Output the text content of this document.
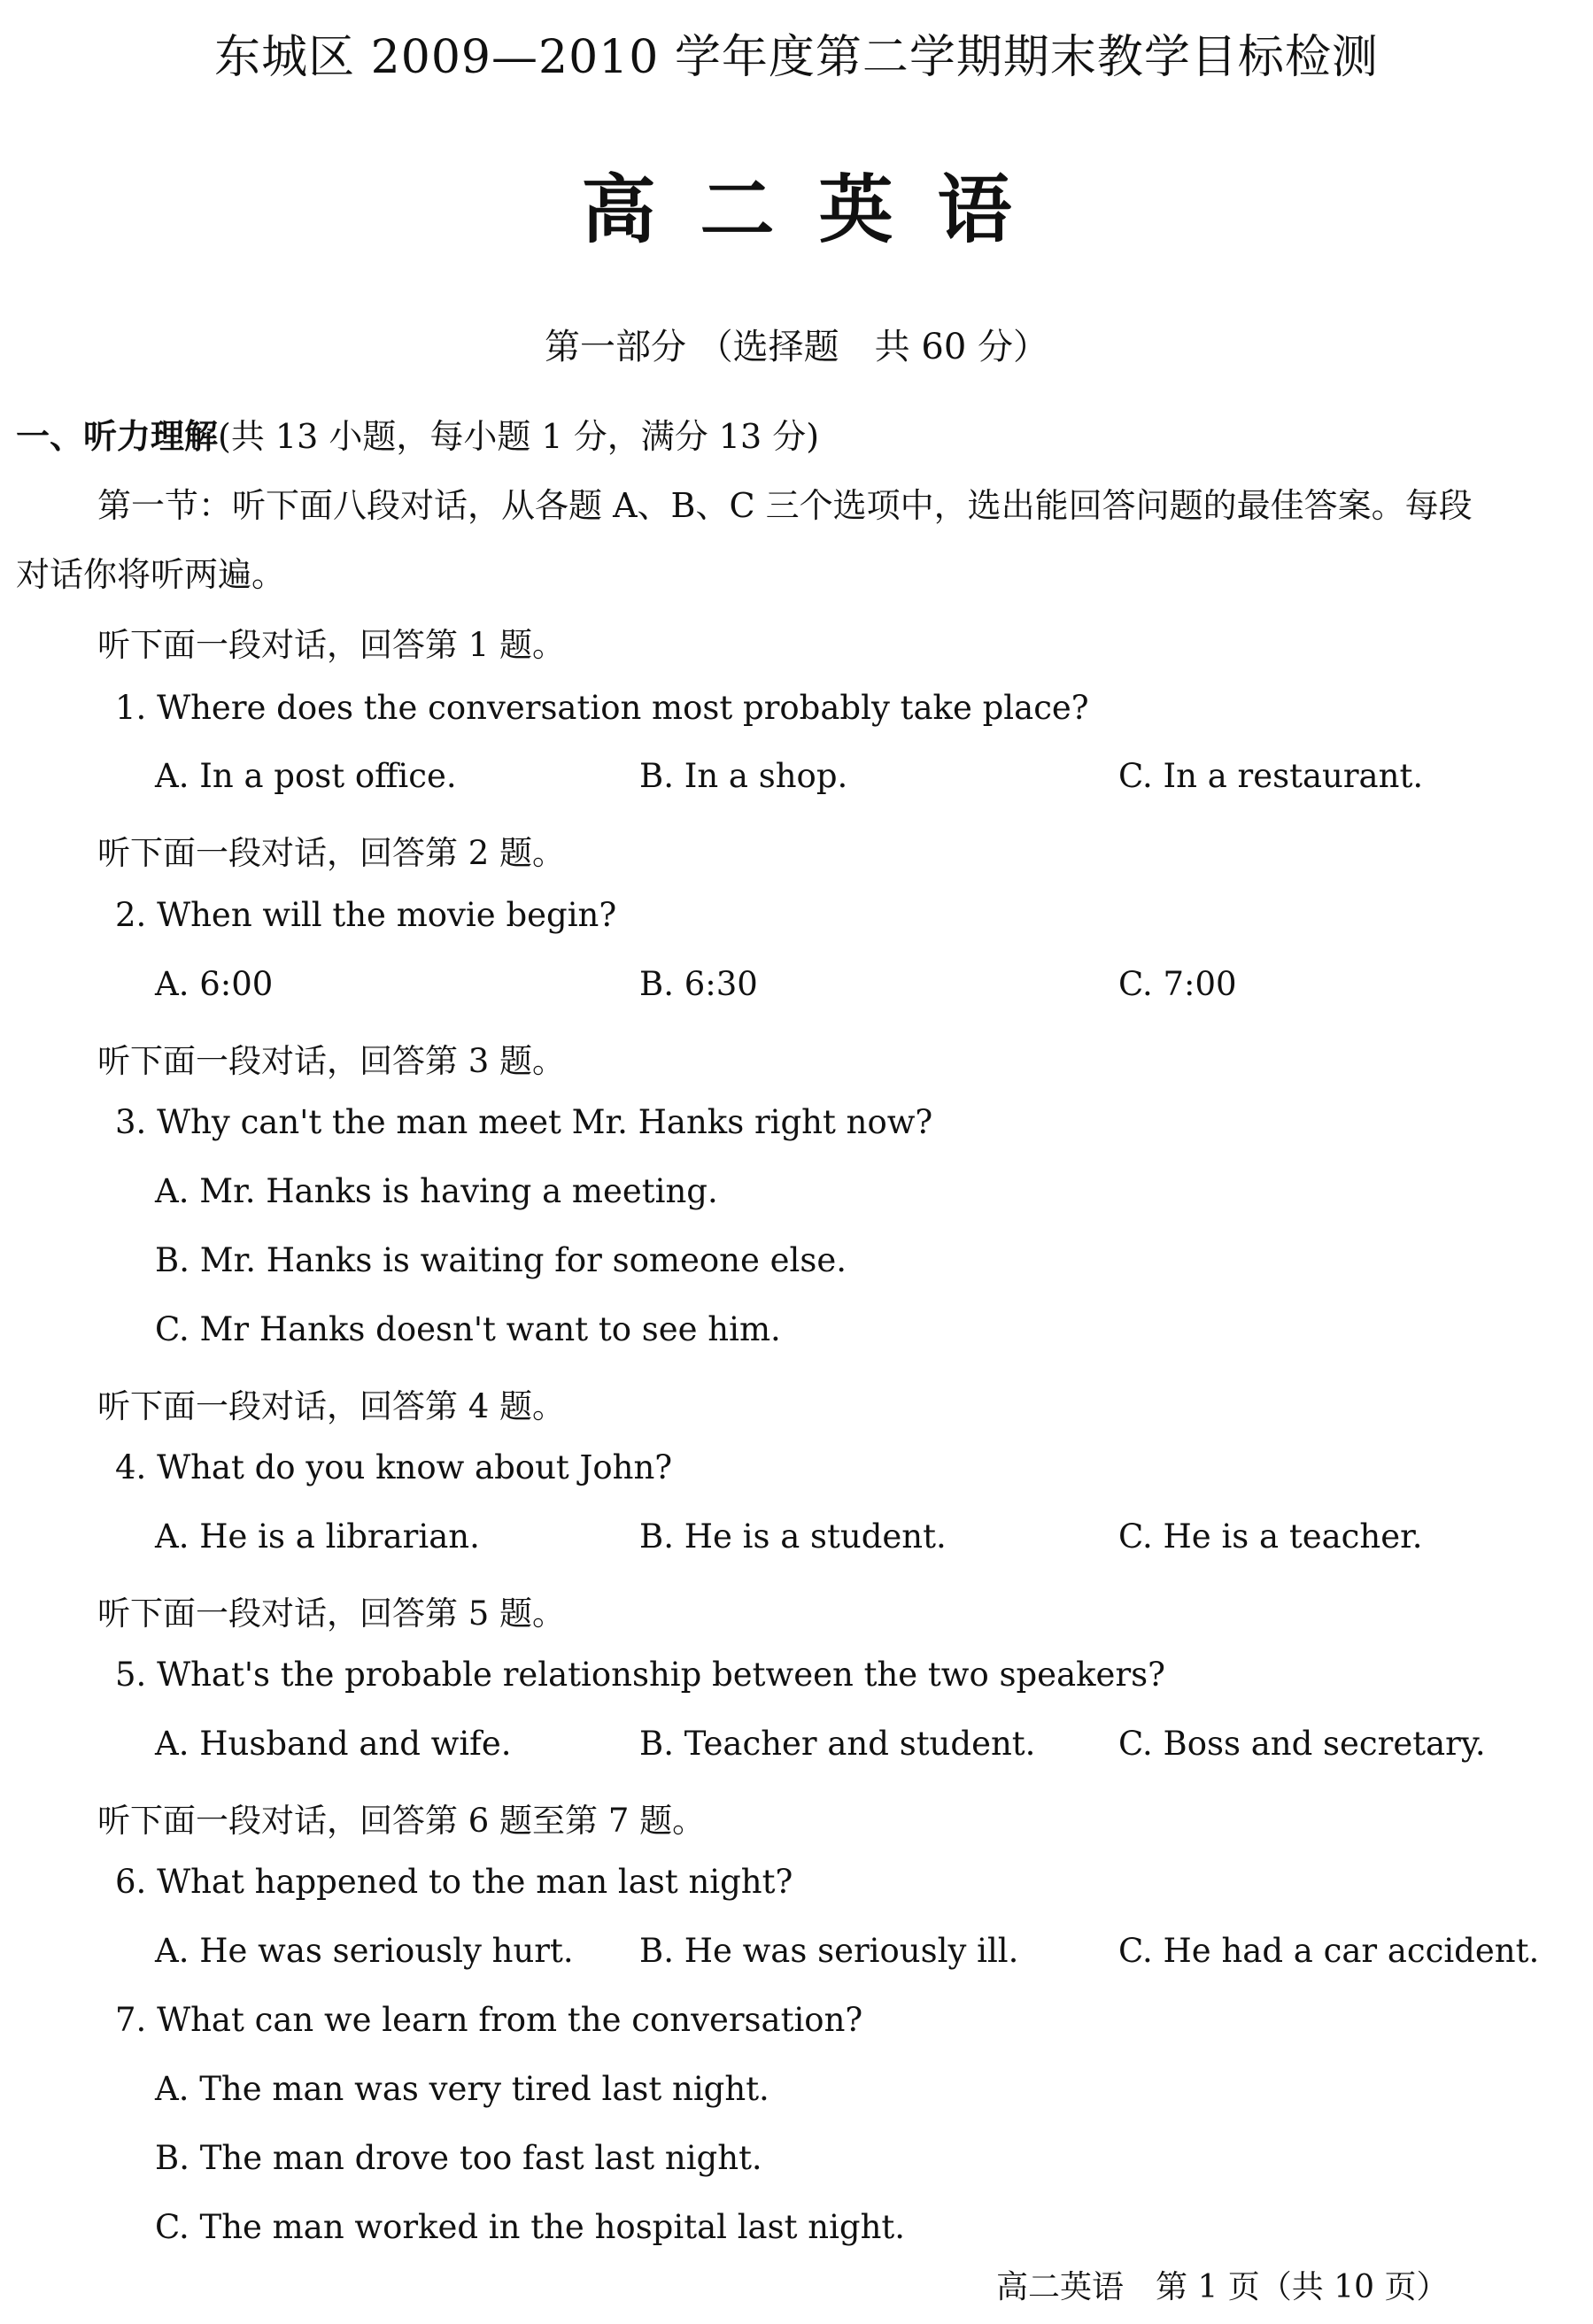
东城区 2009—2010 学年度第二学期期末教学目标检测
高二英语
第一部分 （选择题　共 60 分）
一、听力理解(共 13 小题，每小题 1 分，满分 13 分)
第一节：听下面八段对话，从各题 A、B、C 三个选项中，选出能回答问题的最佳答案。每段
对话你将听两遍。
听下面一段对话，回答第 1 题。
1. Where does the conversation most probably take place?
A. In a post office.	B. In a shop.	C. In a restaurant.
听下面一段对话，回答第 2 题。
2. When will the movie begin?
A. 6:00	B. 6:30	C. 7:00
听下面一段对话，回答第 3 题。
3. Why can't the man meet Mr. Hanks right now?
A. Mr. Hanks is having a meeting.
B. Mr. Hanks is waiting for someone else.
C. Mr Hanks doesn't want to see him.
听下面一段对话，回答第 4 题。
4. What do you know about John?
A. He is a librarian.	B. He is a student.	C. He is a teacher.
听下面一段对话，回答第 5 题。
5. What's the probable relationship between the two speakers?
A. Husband and wife.	B. Teacher and student.	C. Boss and secretary.
听下面一段对话，回答第 6 题至第 7 题。
6. What happened to the man last night?
A. He was seriously hurt. B. He was seriously ill.	C. He had a car accident.
7. What can we learn from the conversation?
A. The man was very tired last night.
B. The man drove too fast last night.
C. The man worked in the hospital last night.
高二英语　第 1 页（共 10 页）
